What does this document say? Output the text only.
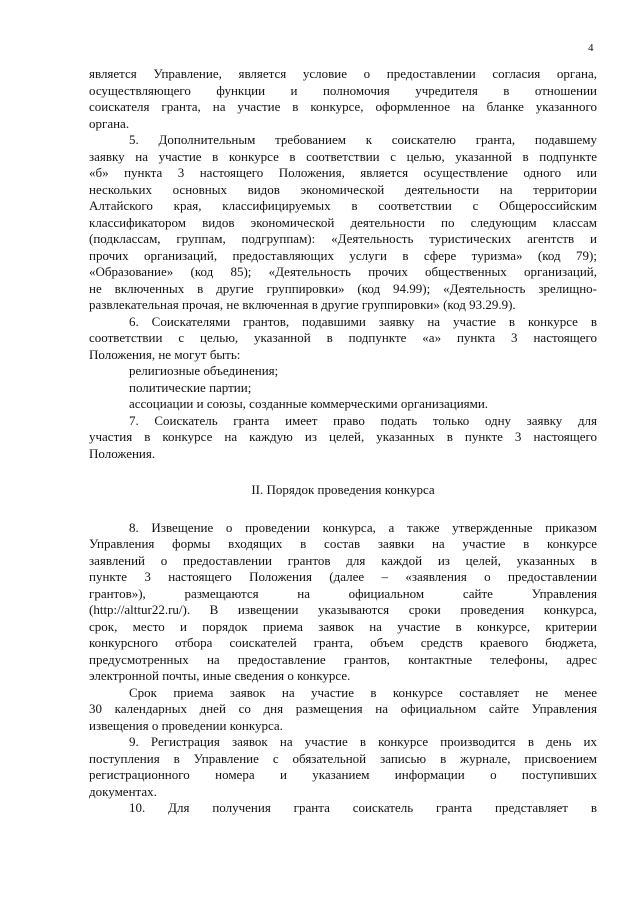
4
является Управление, является условие о предоставлении согласия органа,
осуществляющего функции и полномочия учредителя в отношении
соискателя гранта, на участие в конкурсе, оформленное на бланке указанного
органа.
5. Дополнительным требованием к соискателю гранта, подавшему
заявку на участие в конкурсе в соответствии с целью, указанной в подпункте
«б» пункта 3 настоящего Положения, является осуществление одного или
нескольких основных видов экономической деятельности на территории
Алтайского края, классифицируемых в соответствии с Общероссийским
классификатором видов экономической деятельности по следующим классам
(подклассам, группам, подгруппам): «Деятельность туристических агентств и
прочих организаций, предоставляющих услуги в сфере туризма» (код 79);
«Образование» (код 85); «Деятельность прочих общественных организаций,
не включенных в другие группировки» (код 94.99); «Деятельность зрелищно-
развлекательная прочая, не включенная в другие группировки» (код 93.29.9).
6. Соискателями грантов, подавшими заявку на участие в конкурсе в
соответствии с целью, указанной в подпункте «а» пункта 3 настоящего
Положения, не могут быть:
религиозные объединения;
политические партии;
ассоциации и союзы, созданные коммерческими организациями.
7. Соискатель гранта имеет право подать только одну заявку для
участия в конкурсе на каждую из целей, указанных в пункте 3 настоящего
Положения.
II. Порядок проведения конкурса
8. Извещение о проведении конкурса, а также утвержденные приказом
Управления формы входящих в состав заявки на участие в конкурсе
заявлений о предоставлении грантов для каждой из целей, указанных в
пункте 3 настоящего Положения (далее – «заявления о предоставлении
грантов»), размещаются на официальном сайте Управления
(http://alttur22.ru/). В извещении указываются сроки проведения конкурса,
срок, место и порядок приема заявок на участие в конкурсе, критерии
конкурсного отбора соискателей гранта, объем средств краевого бюджета,
предусмотренных на предоставление грантов, контактные телефоны, адрес
электронной почты, иные сведения о конкурсе.
Срок приема заявок на участие в конкурсе составляет не менее
30 календарных дней со дня размещения на официальном сайте Управления
извещения о проведении конкурса.
9. Регистрация заявок на участие в конкурсе производится в день их
поступления в Управление с обязательной записью в журнале, присвоением
регистрационного номера и указанием информации о поступивших
документах.
10. Для получения гранта соискатель гранта представляет в
